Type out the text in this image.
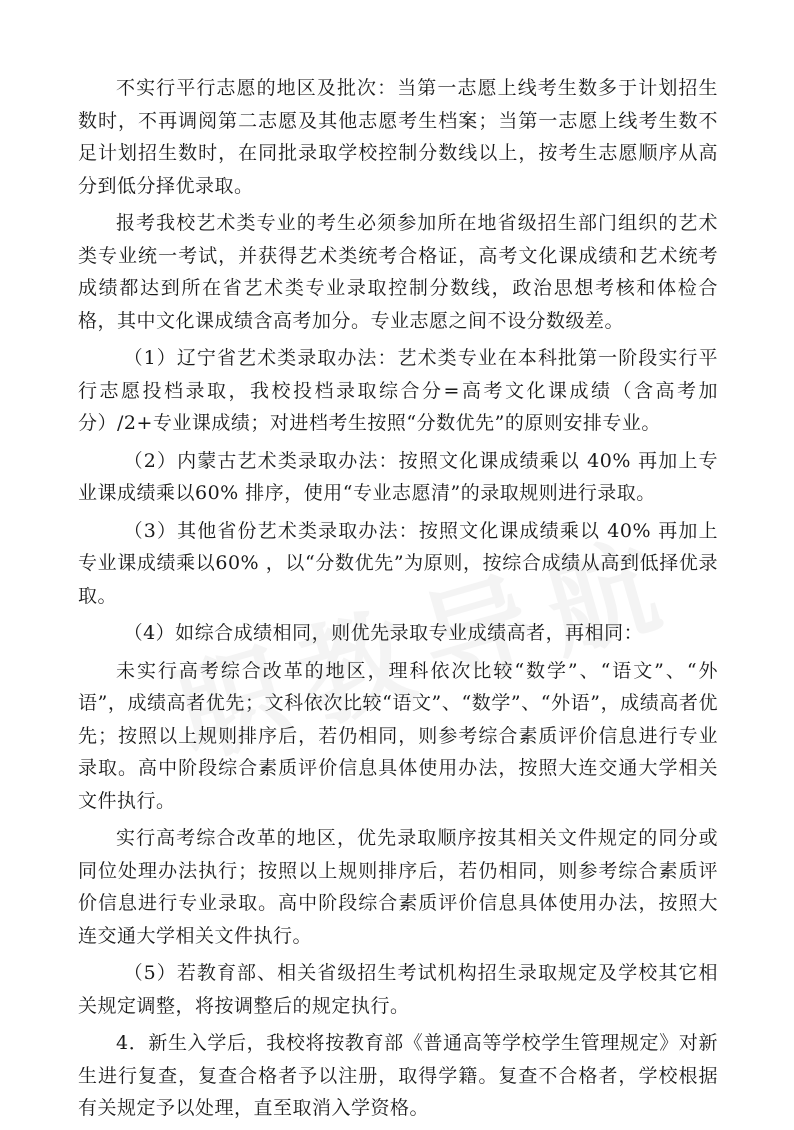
不实行平行志愿的地区及批次：当第一志愿上线考生数多于计划招生数时，不再调阅第二志愿及其他志愿考生档案；当第一志愿上线考生数不足计划招生数时，在同批录取学校控制分数线以上，按考生志愿顺序从高分到低分择优录取。

报考我校艺术类专业的考生必须参加所在地省级招生部门组织的艺术类专业统一考试，并获得艺术类统考合格证，高考文化课成绩和艺术统考成绩都达到所在省艺术类专业录取控制分数线，政治思想考核和体检合格，其中文化课成绩含高考加分。专业志愿之间不设分数级差。

（1）辽宁省艺术类录取办法：艺术类专业在本科批第一阶段实行平行志愿投档录取，我校投档录取综合分=高考文化课成绩（含高考加分）/2+专业课成绩；对进档考生按照“分数优先”的原则安排专业。

（2）内蒙古艺术类录取办法：按照文化课成绩乘以 40% 再加上专业课成绩乘以60% 排序，使用“专业志愿清”的录取规则进行录取。

（3）其他省份艺术类录取办法：按照文化课成绩乘以 40% 再加上专业课成绩乘以60% ，以“分数优先”为原则，按综合成绩从高到低择优录取。

（4）如综合成绩相同，则优先录取专业成绩高者，再相同：

未实行高考综合改革的地区，理科依次比较“数学”、“语文”、“外语”，成绩高者优先；文科依次比较“语文”、“数学”、“外语”，成绩高者优先；按照以上规则排序后，若仍相同，则参考综合素质评价信息进行专业录取。高中阶段综合素质评价信息具体使用办法，按照大连交通大学相关文件执行。

实行高考综合改革的地区，优先录取顺序按其相关文件规定的同分或同位处理办法执行；按照以上规则排序后，若仍相同，则参考综合素质评价信息进行专业录取。高中阶段综合素质评价信息具体使用办法，按照大连交通大学相关文件执行。

（5）若教育部、相关省级招生考试机构招生录取规定及学校其它相关规定调整，将按调整后的规定执行。

4．新生入学后，我校将按教育部《普通高等学校学生管理规定》对新生进行复查，复查合格者予以注册，取得学籍。复查不合格者，学校根据有关规定予以处理，直至取消入学资格。
